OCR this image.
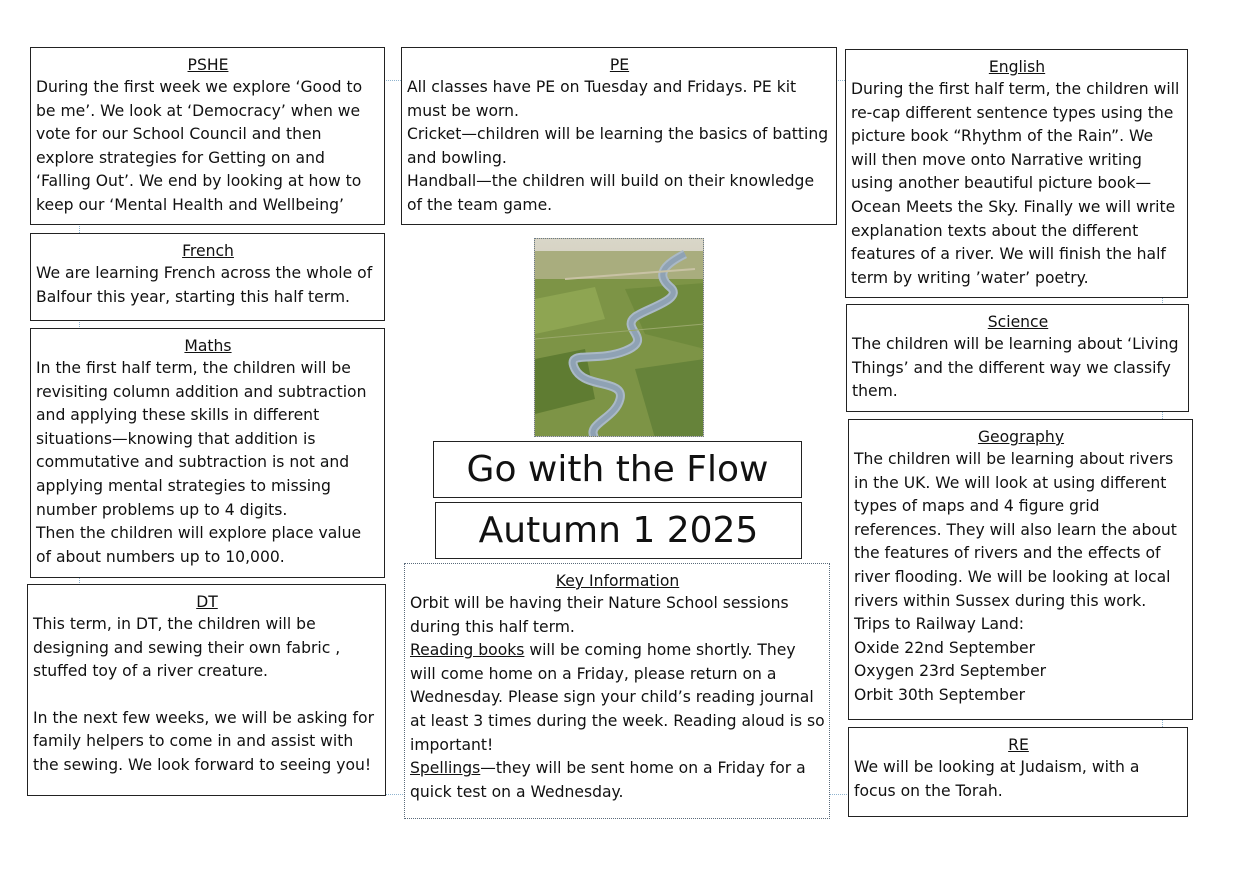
PSHE

During the first week we explore ‘Good to be me’. We look at ‘Democracy’ when we vote for our School Council and then explore strategies for Getting on and ‘Falling Out’. We end by looking at how to keep our ‘Mental Health and Wellbeing’

French

We are learning French across the whole of Balfour this year, starting this half term.

Maths

In the first half term, the children will be revisiting column addition and subtraction and applying these skills in different situations—knowing that addition is commutative and subtraction is not and applying mental strategies to missing number problems up to 4 digits.

Then the children will explore place value of about numbers up to 10,000.

DT

This term, in DT, the children will be designing and sewing their own fabric , stuffed toy of a river creature.

In the next few weeks, we will be asking for family helpers to come in and assist with the sewing. We look forward to seeing you!

PE

All classes have PE on Tuesday and Fridays. PE kit must be worn.

Cricket—children will be learning the basics of batting and bowling.

Handball—the children will build on their knowledge of the team game.

Go with the Flow
Autumn 1 2025
Key Information

Orbit will be having their Nature School sessions during this half term.

Reading books will be coming home shortly. They will come home on a Friday, please return on a Wednesday. Please sign your child’s reading journal at least 3 times during the week. Reading aloud is so important!

Spellings—they will be sent home on a Friday for a quick test on a Wednesday.

English

During the first half term, the children will re-cap different sentence types using the picture book “Rhythm of the Rain”. We will then move onto Narrative writing using another beautiful picture book—Ocean Meets the Sky. Finally we will write explanation texts about the different features of a river. We will finish the half term by writing ’water’ poetry.

Science

The children will be learning about ‘Living Things’ and the different way we classify them.

Geography

The children will be learning about rivers in the UK. We will look at using different types of maps and 4 figure grid references. They will also learn the about the features of rivers and the effects of river flooding. We will be looking at local rivers within Sussex during this work.

Trips to Railway Land:

Oxide 22nd September

Oxygen 23rd September

Orbit 30th September

RE

We will be looking at Judaism, with a focus on the Torah.
